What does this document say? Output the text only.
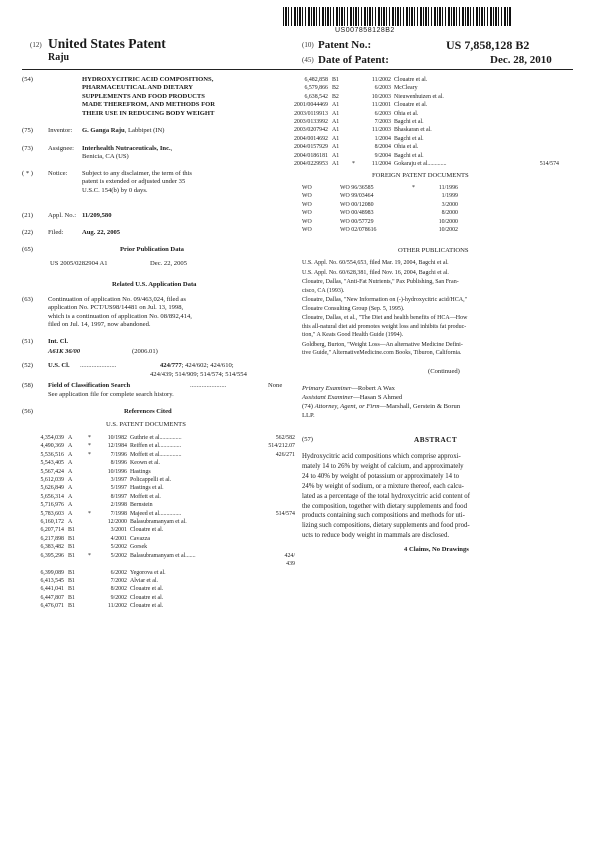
US007858128B2
(12) United States Patent
Raju
(10) Patent No.:	US 7,858,128 B2
(45) Date of Patent:	Dec. 28, 2010
(54)	HYDROXYCITRIC ACID COMPOSITIONS,
PHARMACEUTICAL AND DIETARY
SUPPLEMENTS AND FOOD PRODUCTS
MADE THEREFROM, AND METHODS FOR
THEIR USE IN REDUCING BODY WEIGHT
(75) Inventor: G. Ganga Raju, Labbipet (IN)
(73) Assignee: Interhealth Nutraceuticals, Inc.,
Benicia, CA (US)
( * ) Notice: Subject to any disclaimer, the term of this
patent is extended or adjusted under 35
U.S.C. 154(b) by 0 days.
(21) Appl. No.: 11/209,580
(22) Filed:	Aug. 22, 2005
(65)	Prior Publication Data
US 2005/0282904 A1	Dec. 22, 2005
Related U.S. Application Data
(63) Continuation of application No. 09/463,024, filed as
application No. PCT/US98/14481 on Jul. 13, 1998,
which is a continuation of application No. 08/892,414,
filed on Jul. 14, 1997, now abandoned.
(51) Int. Cl.
A61K 36/00	(2006.01)
(52) U.S. Cl. ......................	424/777; 424/602; 424/610;
424/439; 514/909; 514/574; 514/554
(58) Field of Classification Search	......................	None
See application file for complete search history.
(56)	References Cited
U.S. PATENT DOCUMENTS
4,354,039 A	*	10/1982 Guthrie et al...............	562/582
4,490,369 A	*	12/1984 Reiffen et al...............	514/212.07
5,536,516 A	*	7/1996 Moffett et al...............	426/271
5,543,405 A	8/1996 Keown et al.
5,567,424 A	10/1996 Hastings
5,612,039 A	3/1997 Policappelli et al.
5,626,849 A	5/1997 Hastings et al.
5,656,314 A	8/1997 Moffett et al.
5,716,976 A	2/1998 Bernstein
5,783,603 A	*	7/1998 Majeed et al...............	514/574
6,160,172 A	12/2000 Balasubramanyam et al.
6,207,714 B1	3/2001 Clouatre et al.
6,217,898 B1	4/2001 Cavazza
6,383,482 B1	5/2002 Gorsek
6,395,296 B1	*	5/2002 Balasubramanyam et al.......	424/
439
6,399,089 B1	6/2002 Yegorova et al.
6,413,545 B1	7/2002 Alviar et al.
6,441,041 B1	8/2002 Clouatre et al.
6,447,807 B1	9/2002 Clouatre et al.
6,476,071 B1	11/2002 Clouatre et al.
6,482,858 B1	11/2002 Clouatre et al.
6,579,866 B2	6/2003 McCleary
6,638,542 B2	10/2003 Nieuwenhuizen et al.
2001/0044469 A1	11/2001 Clouatre et al.
2003/0119913 A1	6/2003 Ohia et al.
2003/0133992 A1	7/2003 Bagchi et al.
2003/0207942 A1	11/2003 Bhaskaran et al.
2004/0014692 A1	1/2004 Bagchi et al.
2004/0157929 A1	8/2004 Ohia et al.
2004/0186181 A1	9/2004 Bagchi et al.
2004/0229953 A1	*	11/2004 Gokaraju et al.............	514/574
FOREIGN PATENT DOCUMENTS
WO	WO 96/36585	*	11/1996
WO	WO 99/03464	1/1999
WO	WO 00/12080	3/2000
WO	WO 00/48983	8/2000
WO	WO 00/57729	10/2000
WO	WO 02/078616	10/2002
OTHER PUBLICATIONS
U.S. Appl. No. 60/554,653, filed Mar. 19, 2004, Bagchi et al.
U.S. Appl. No. 60/628,381, filed Nov. 16, 2004, Bagchi et al.
Clouatre, Dallas, "Anti-Fat Nutrients," Pax Publishing, San Fran-
cisco, CA (1993).
Clouatre, Dallas, "New Information on (-)-hydroxycitric acid/HCA,"
Clouatre Consulting Group (Sep. 5, 1995).
Clouatre, Dallas, et al., "The Diet and health benefits of HCA—How
this all-natural diet aid promotes weight loss and inhibits fat produc-
tion," A Keats Good Health Guide (1994).
Goldberg, Burton, "Weight Loss—An alternative Medicine Defini-
tive Guide," AlternativeMedicine.com Books, Tiburon, California.
(Continued)
Primary Examiner—Robert A Wax
Assistant Examiner—Hasan S Ahmed
(74) Attorney, Agent, or Firm—Marshall, Gerstein & Borun
LLP.
(57)	ABSTRACT
Hydroxycitric acid compositions which comprise approxi-
mately 14 to 26% by weight of calcium, and approximately
24 to 40% by weight of potassium or approximately 14 to
24% by weight of sodium, or a mixture thereof, each calcu-
lated as a percentage of the total hydroxycitric acid content of
the composition, together with dietary supplements and food
products containing such compositions and methods for uti-
lizing such compositions, dietary supplements and food prod-
ucts to reduce body weight in mammals are disclosed.
4 Claims, No Drawings
